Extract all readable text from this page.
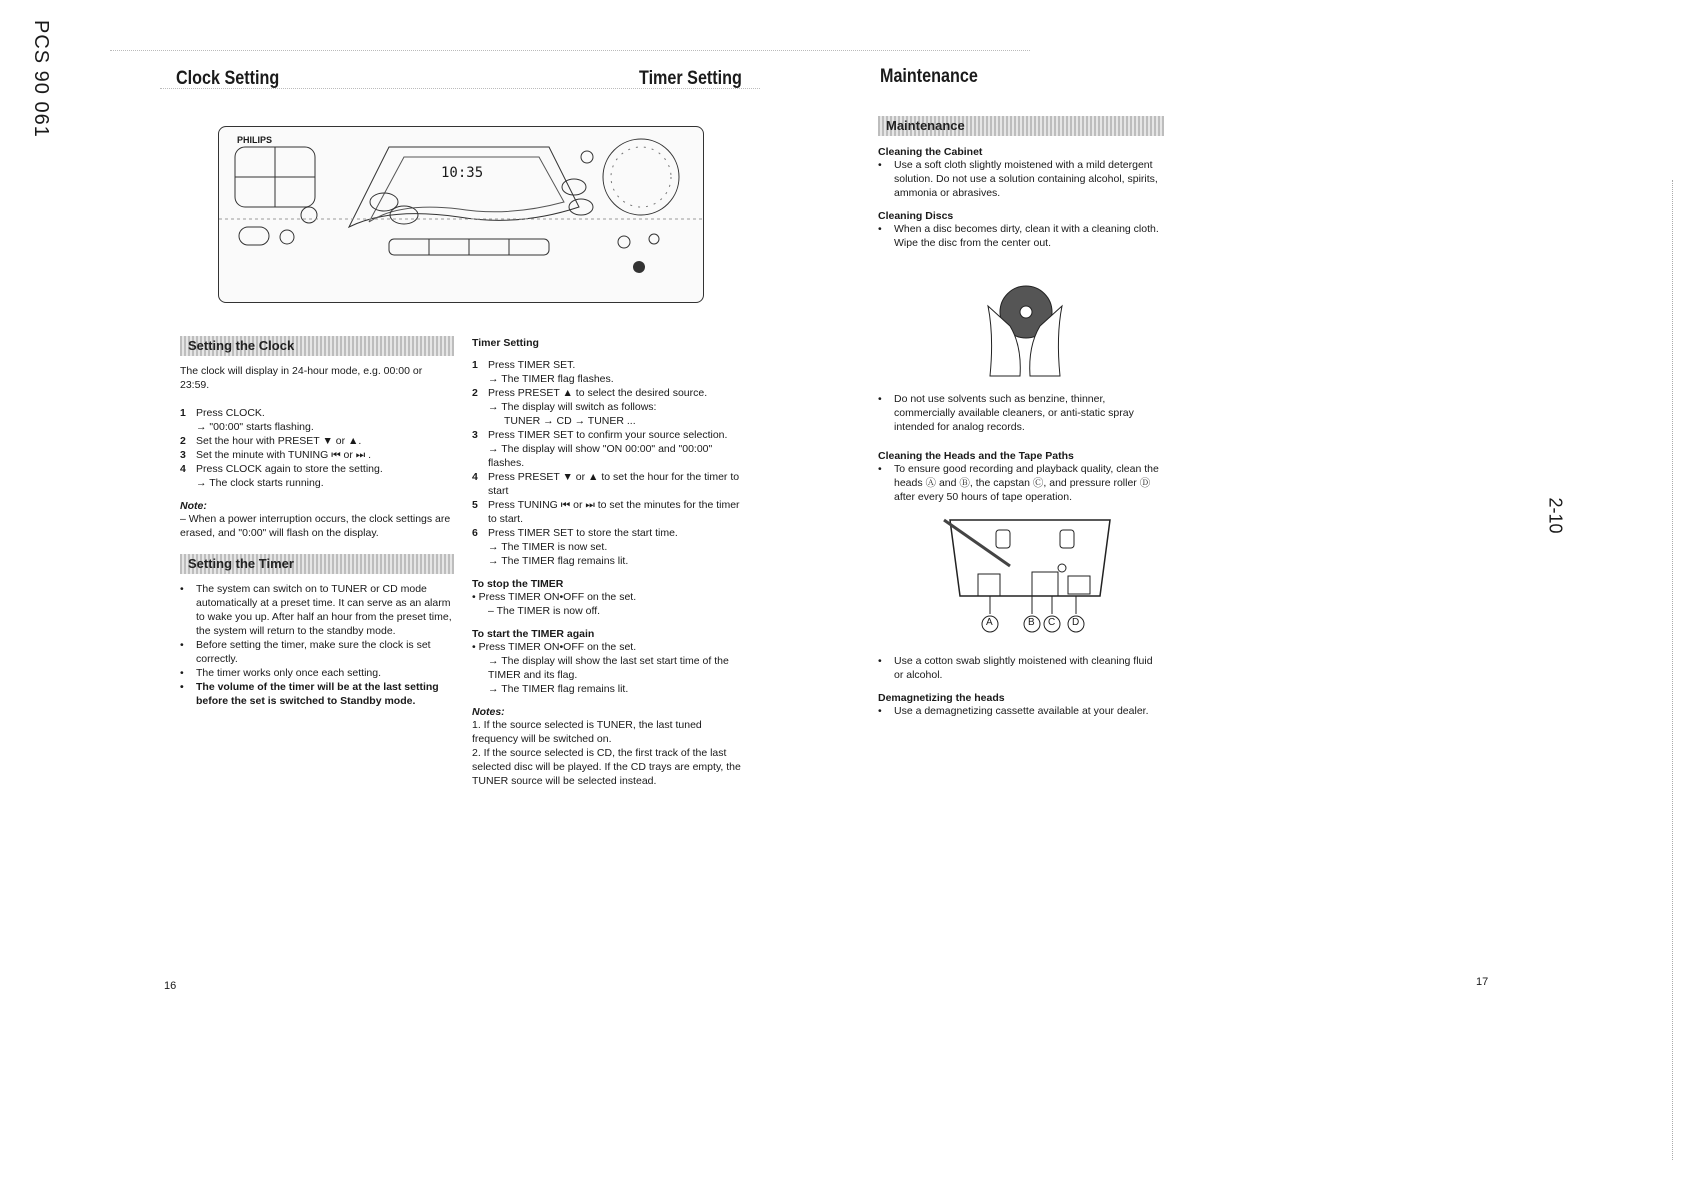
PCS 90 061
2-10
Clock Setting	Timer Setting	Maintenance
PHILIPS
10:35
Setting the Clock
The clock will display in 24-hour mode, e.g. 00:00 or 23:59.
1 Press CLOCK.
→ "00:00" starts flashing.
2 Set the hour with PRESET ▼ or ▲.
3 Set the minute with TUNING ⏮ or ⏭ .
4 Press CLOCK again to store the setting.
→ The clock starts running.
Note:
– When a power interruption occurs, the clock settings are erased, and "0:00" will flash on the display.
Setting the Timer
•	The system can switch on to TUNER or CD mode automatically at a preset time. It can serve as an alarm to wake you up. After half an hour from the preset time, the system will return to the standby mode.
•	Before setting the timer, make sure the clock is set correctly.
•	The timer works only once each setting.
•	The volume of the timer will be at the last setting before the set is switched to Standby mode.
Timer Setting
1 Press TIMER SET.
→ The TIMER flag flashes.
2 Press PRESET ▲ to select the desired source.
→ The display will switch as follows:
TUNER → CD → TUNER ...
3 Press TIMER SET to confirm your source selection.
→ The display will show "ON 00:00" and "00:00" flashes.
4 Press PRESET ▼ or ▲ to set the hour for the timer to start
5 Press TUNING ⏮ or ⏭ to set the minutes for the timer to start.
6 Press TIMER SET to store the start time.
→ The TIMER is now set.
→ The TIMER flag remains lit.
To stop the TIMER
• Press TIMER ON•OFF on the set.
– The TIMER is now off.
To start the TIMER again
• Press TIMER ON•OFF on the set.
→ The display will show the last set start time of the TIMER and its flag.
→ The TIMER flag remains lit.
Notes:
1. If the source selected is TUNER, the last tuned frequency will be switched on.
2. If the source selected is CD, the first track of the last selected disc will be played. If the CD trays are empty, the TUNER source will be selected instead.
Maintenance
Cleaning the Cabinet
•	Use a soft cloth slightly moistened with a mild detergent solution. Do not use a solution containing alcohol, spirits, ammonia or abrasives.
Cleaning Discs
•	When a disc becomes dirty, clean it with a cleaning cloth. Wipe the disc from the center out.
•	Do not use solvents such as benzine, thinner, commercially available cleaners, or anti-static spray intended for analog records.
Cleaning the Heads and the Tape Paths
•	To ensure good recording and playback quality, clean the heads Ⓐ and Ⓑ, the capstan Ⓒ, and pressure roller Ⓓ after every 50 hours of tape operation.
A	B C D
•	Use a cotton swab slightly moistened with cleaning fluid or alcohol.
Demagnetizing the heads
•	Use a demagnetizing cassette available at your dealer.
16	17
